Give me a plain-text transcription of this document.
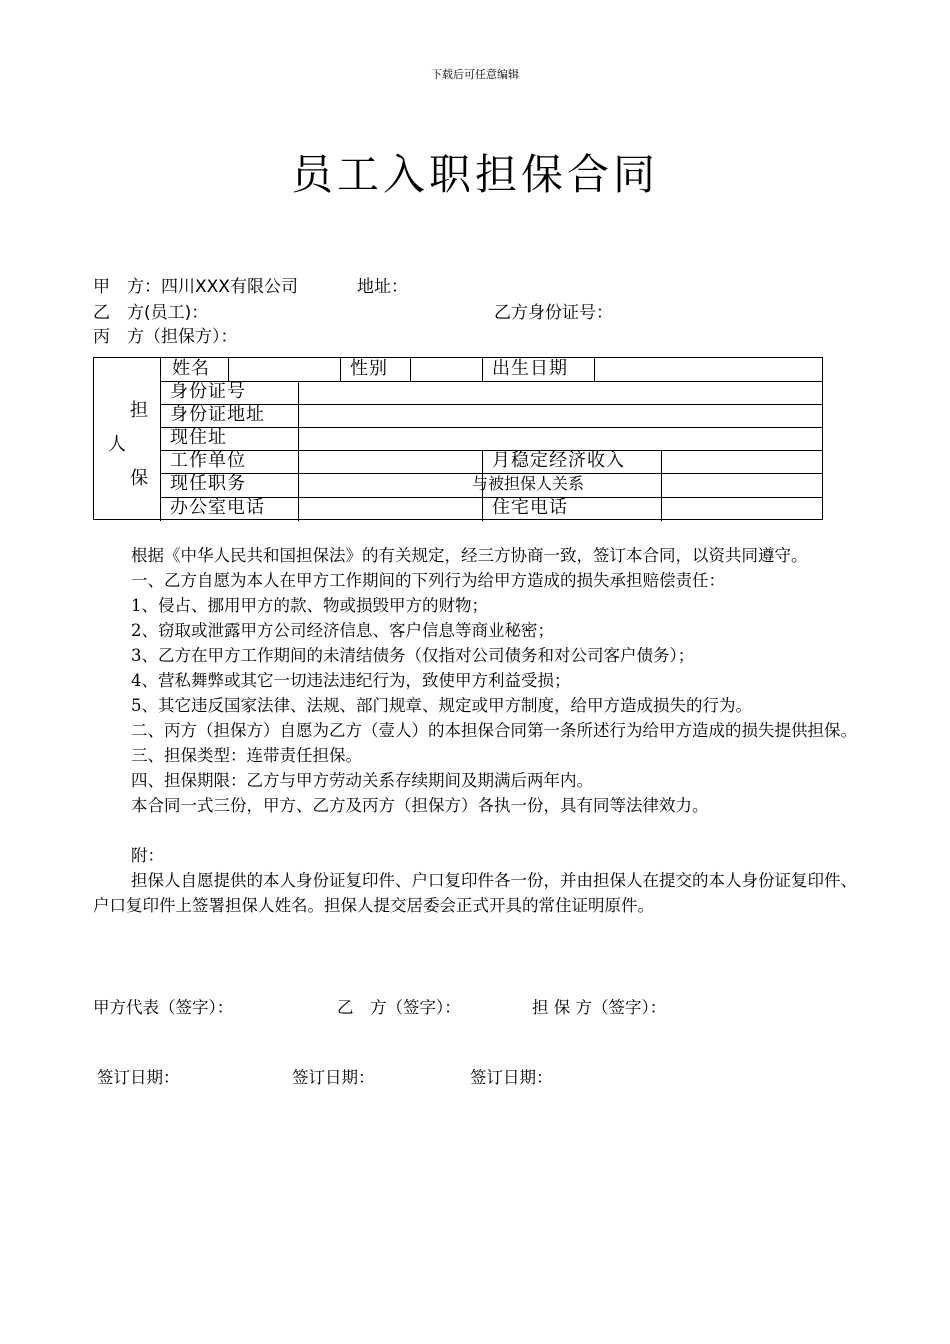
下载后可任意编辑
员工入职担保合同
甲　方：四川XXX有限公司	地址：
乙　方(员工)：	乙方身份证号：
丙　方（担保方）：
担
人
保
姓名	性别	出生日期
身份证号
身份证地址
现住址
工作单位	月稳定经济收入
现任职务	与被担保人关系
办公室电话	住宅电话

根据《中华人民共和国担保法》的有关规定，经三方协商一致，签订本合同，以资共同遵守。

一、乙方自愿为本人在甲方工作期间的下列行为给甲方造成的损失承担赔偿责任：

1、侵占、挪用甲方的款、物或损毁甲方的财物；

2、窃取或泄露甲方公司经济信息、客户信息等商业秘密；

3、乙方在甲方工作期间的未清结债务（仅指对公司债务和对公司客户债务）；

4、营私舞弊或其它一切违法违纪行为，致使甲方利益受损；

5、其它违反国家法律、法规、部门规章、规定或甲方制度，给甲方造成损失的行为。

二、丙方（担保方）自愿为乙方（壹人）的本担保合同第一条所述行为给甲方造成的损失提供担保。

三、担保类型：连带责任担保。

四、担保期限：乙方与甲方劳动关系存续期间及期满后两年内。

本合同一式三份，甲方、乙方及丙方（担保方）各执一份，具有同等法律效力。

附：

担保人自愿提供的本人身份证复印件、户口复印件各一份，并由担保人在提交的本人身份证复印件、户口复印件上签署担保人姓名。担保人提交居委会正式开具的常住证明原件。

甲方代表（签字）：	乙　方（签字）：	担 保 方（签字）：
签订日期：	签订日期：	签订日期：
